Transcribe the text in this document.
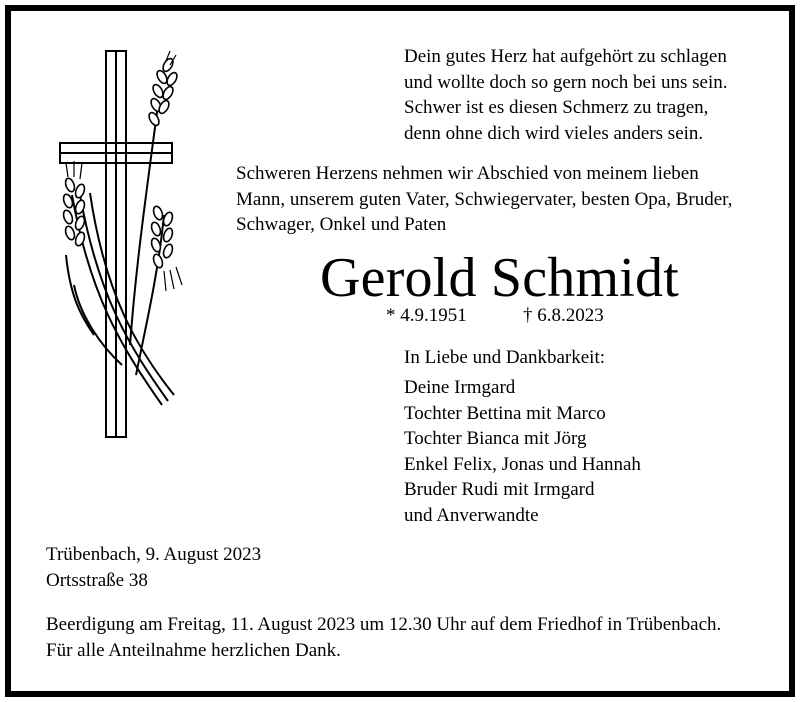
Dein gutes Herz hat aufgehört zu schlagen
und wollte doch so gern noch bei uns sein.
Schwer ist es diesen Schmerz zu tragen,
denn ohne dich wird vieles anders sein.
Schweren Herzens nehmen wir Abschied von meinem lieben
Mann, unserem guten Vater, Schwiegervater, besten Opa, Bruder,
Schwager, Onkel und Paten
Gerold Schmidt
* 4.9.1951	† 6.8.2023
In Liebe und Dankbarkeit:
Deine Irmgard
Tochter Bettina mit Marco
Tochter Bianca mit Jörg
Enkel Felix, Jonas und Hannah
Bruder Rudi mit Irmgard
und Anverwandte
Trübenbach, 9. August 2023
Ortsstraße 38
Beerdigung am Freitag, 11. August 2023 um 12.30 Uhr auf dem Friedhof in Trübenbach.
Für alle Anteilnahme herzlichen Dank.
